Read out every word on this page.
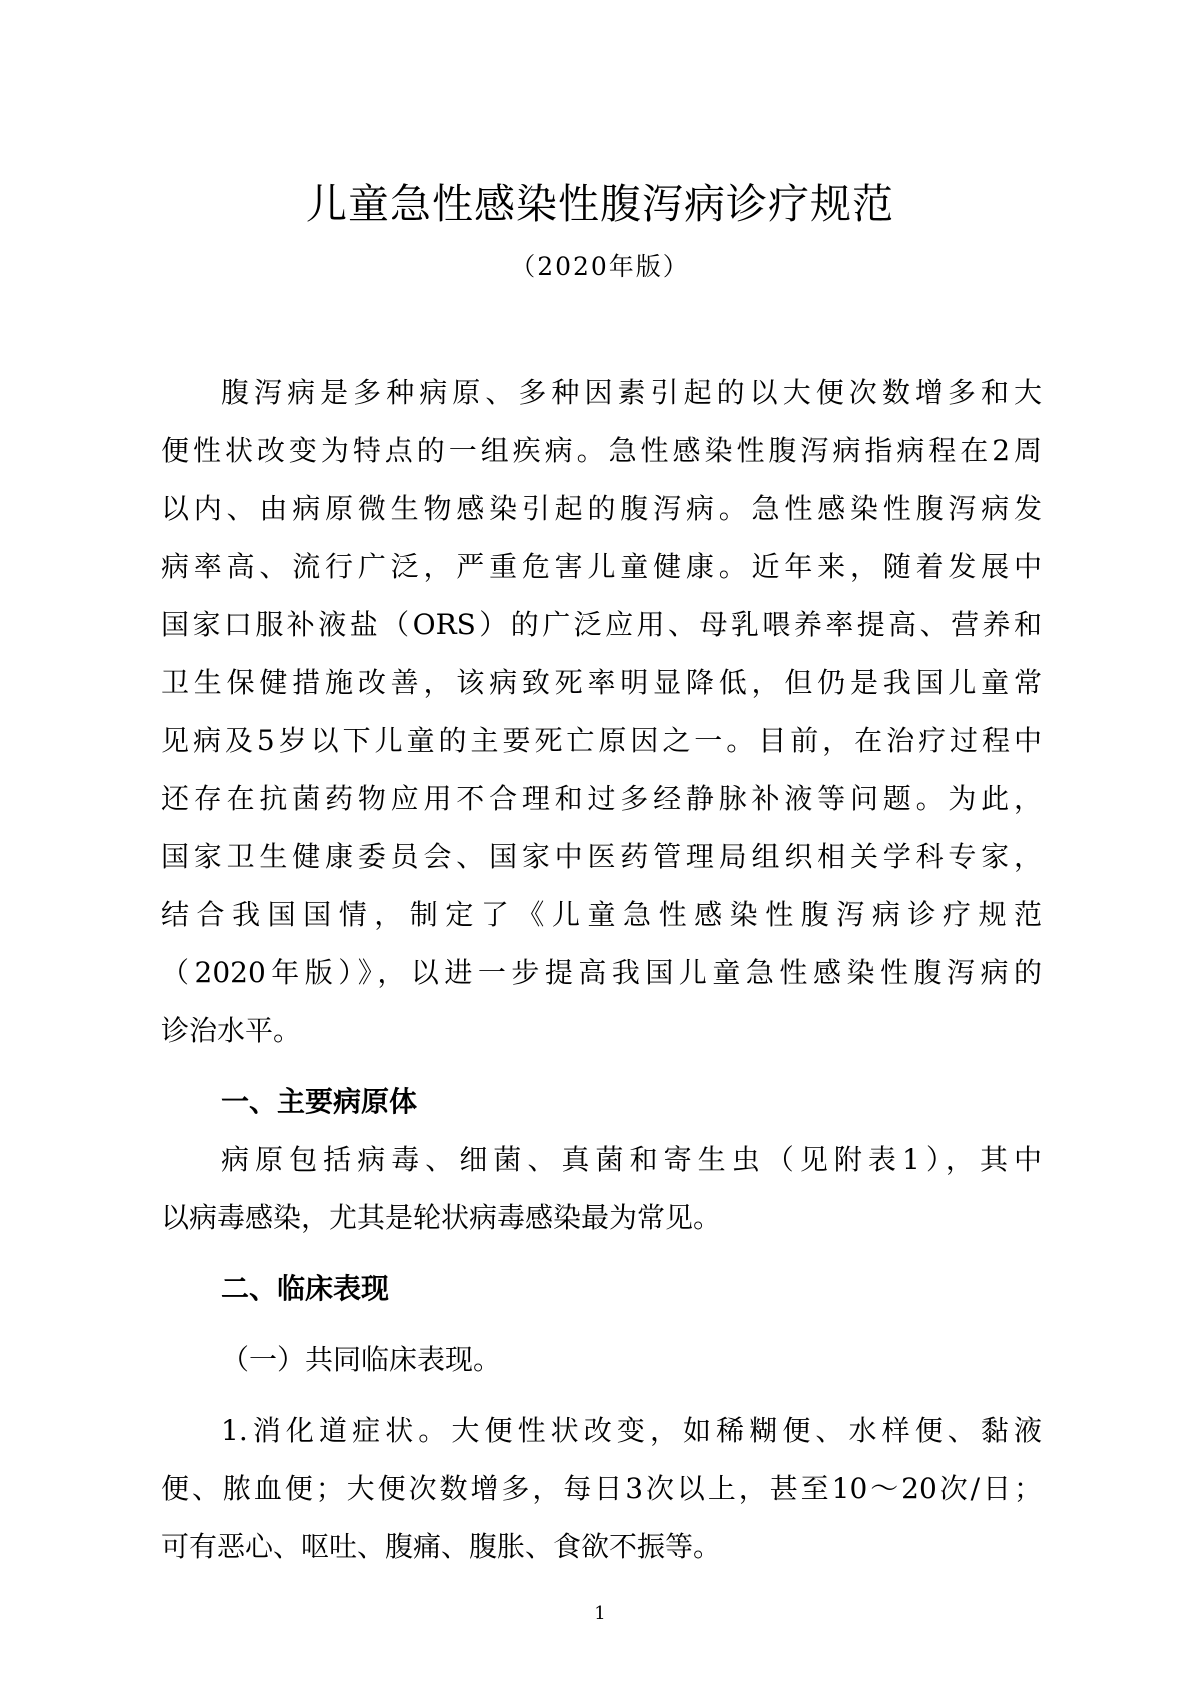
儿童急性感染性腹泻病诊疗规范
（2020年版）
腹泻病是多种病原、多种因素引起的以大便次数增多和大
便性状改变为特点的一组疾病。急性感染性腹泻病指病程在2周
以内、由病原微生物感染引起的腹泻病。急性感染性腹泻病发
病率高、流行广泛，严重危害儿童健康。近年来，随着发展中
国家口服补液盐（ORS）的广泛应用、母乳喂养率提高、营养和
卫生保健措施改善，该病致死率明显降低，但仍是我国儿童常
见病及5岁以下儿童的主要死亡原因之一。目前，在治疗过程中
还存在抗菌药物应用不合理和过多经静脉补液等问题。为此，
国家卫生健康委员会、国家中医药管理局组织相关学科专家，
结合我国国情，制定了《儿童急性感染性腹泻病诊疗规范
（2020年版）》，以进一步提高我国儿童急性感染性腹泻病的
诊治水平。
一、主要病原体
病原包括病毒、细菌、真菌和寄生虫（见附表1），其中
以病毒感染，尤其是轮状病毒感染最为常见。
二、临床表现
（一）共同临床表现。
1.消化道症状。大便性状改变，如稀糊便、水样便、黏液
便、脓血便；大便次数增多，每日3次以上，甚至10～20次/日；
可有恶心、呕吐、腹痛、腹胀、食欲不振等。
1
